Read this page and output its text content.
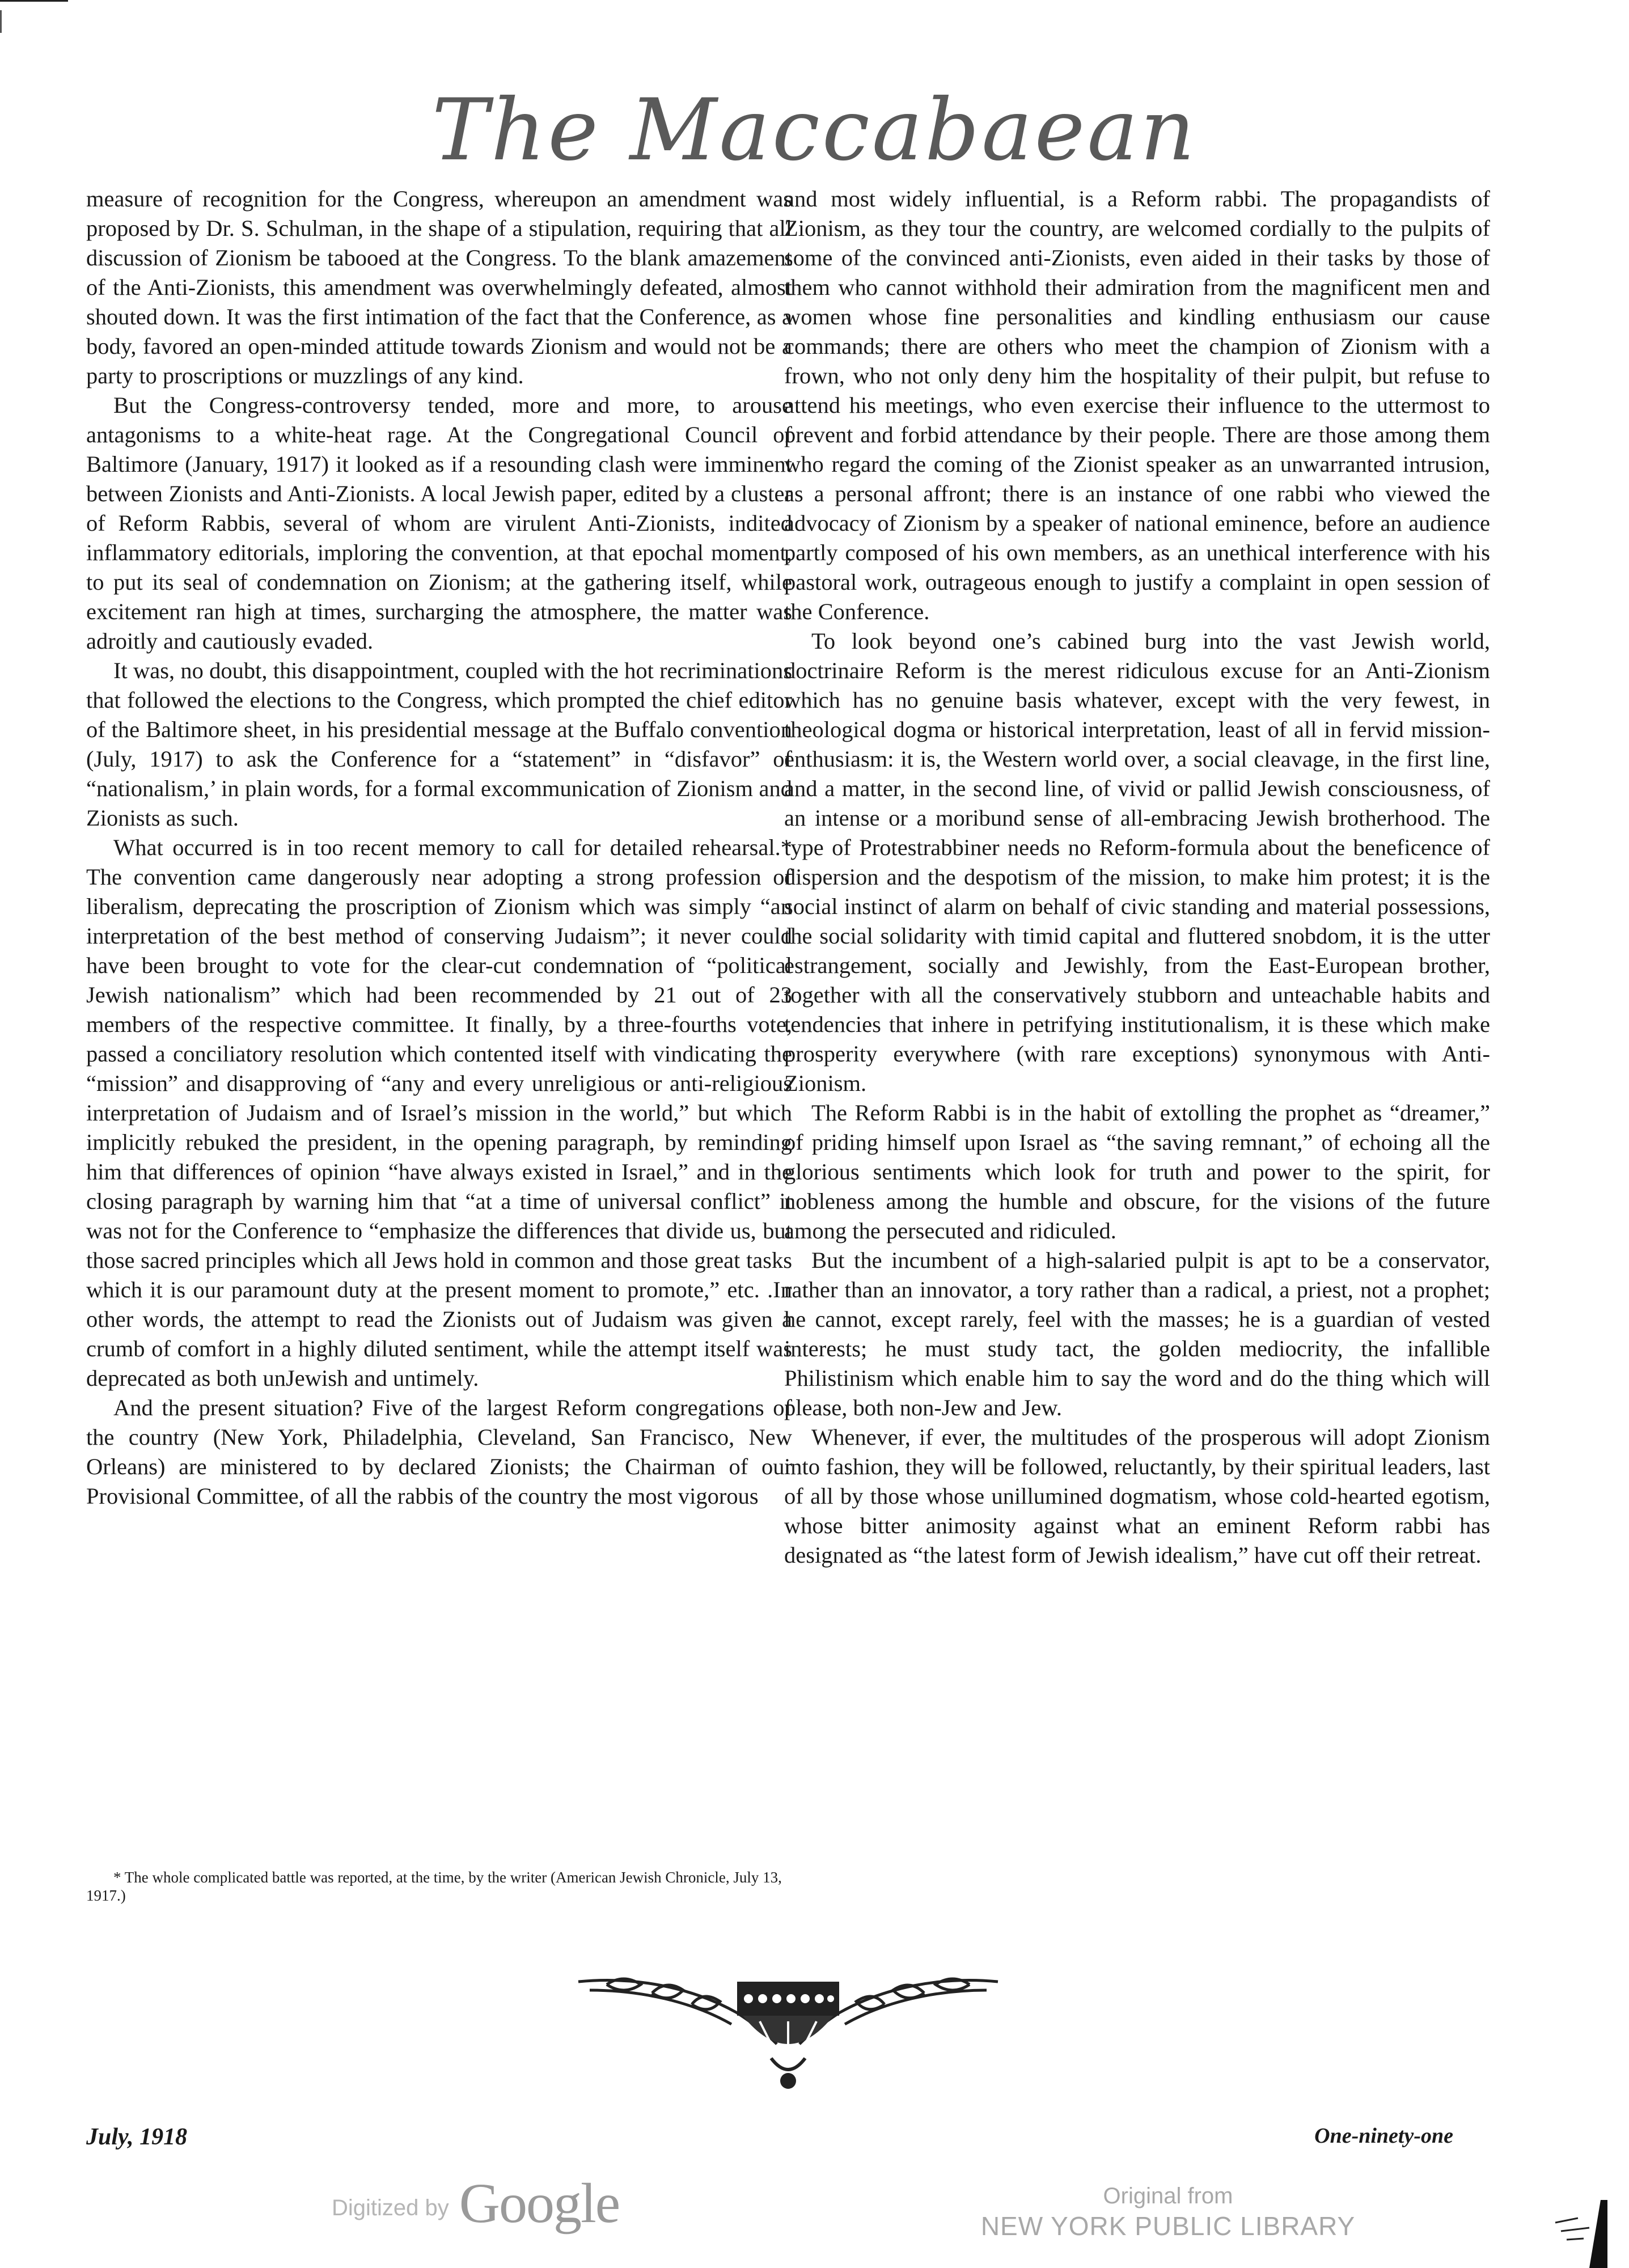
The Maccabaean

measure of recognition for the Congress, whereupon an amendment was proposed by Dr. S. Schulman, in the shape of a stipulation, requiring that all discussion of Zionism be tabooed at the Congress. To the blank amazement of the Anti-Zionists, this amendment was overwhelmingly defeated, almost shouted down. It was the first intimation of the fact that the Conference, as a body, favored an open-minded attitude towards Zionism and would not be a party to proscriptions or muzzlings of any kind.

But the Congress-controversy tended, more and more, to arouse antagonisms to a white-heat rage. At the Congregational Council of Baltimore (January, 1917) it looked as if a resounding clash were imminent between Zionists and Anti-Zionists. A local Jewish paper, edited by a cluster of Reform Rabbis, several of whom are virulent Anti-Zionists, indited inflammatory editorials, imploring the convention, at that epochal moment, to put its seal of condemnation on Zionism; at the gathering itself, while excitement ran high at times, surcharging the atmosphere, the matter was adroitly and cautiously evaded.

It was, no doubt, this disappointment, coupled with the hot recriminations that followed the elections to the Congress, which prompted the chief editor of the Baltimore sheet, in his presidential message at the Buffalo convention (July, 1917) to ask the Conference for a “statement” in “disfavor” of “nationalism,’ in plain words, for a formal excommunication of Zionism and Zionists as such.

What occurred is in too recent memory to call for detailed rehearsal.* The convention came dangerously near adopting a strong profession of liberalism, deprecating the proscription of Zionism which was simply “an interpretation of the best method of conserving Judaism”; it never could have been brought to vote for the clear-cut condemnation of “political Jewish nationalism” which had been recommended by 21 out of 23 members of the respective committee. It finally, by a three-fourths vote, passed a conciliatory resolution which contented itself with vindicating the “mission” and disapproving of “any and every unreligious or anti-religious interpretation of Judaism and of Israel’s mission in the world,” but which implicitly rebuked the president, in the opening paragraph, by reminding him that differences of opinion “have always existed in Israel,” and in the closing paragraph by warning him that “at a time of universal conflict” it was not for the Conference to “emphasize the differences that divide us, but those sacred principles which all Jews hold in common and those great tasks which it is our paramount duty at the present moment to promote,” etc. .In other words, the attempt to read the Zionists out of Judaism was given a crumb of comfort in a highly diluted sentiment, while the attempt itself was deprecated as both unJewish and untimely.

And the present situation? Five of the largest Reform congregations of the country (New York, Philadelphia, Cleveland, San Francisco, New Orleans) are ministered to by declared Zionists; the Chairman of our Provisional Committee, of all the rabbis of the country the most vigorous

* The whole complicated battle was reported, at the time, by the writer (American Jewish Chronicle, July 13, 1917.)

and most widely influential, is a Reform rabbi. The propagandists of Zionism, as they tour the country, are welcomed cordially to the pulpits of some of the convinced anti-Zionists, even aided in their tasks by those of them who cannot withhold their admiration from the magnificent men and women whose fine personalities and kindling enthusiasm our cause commands; there are others who meet the champion of Zionism with a frown, who not only deny him the hospitality of their pulpit, but refuse to attend his meetings, who even exercise their influence to the uttermost to prevent and forbid attendance by their people. There are those among them who regard the coming of the Zionist speaker as an unwarranted intrusion, as a personal affront; there is an instance of one rabbi who viewed the advocacy of Zionism by a speaker of national eminence, before an audience partly composed of his own members, as an unethical interference with his pastoral work, outrageous enough to justify a complaint in open session of the Conference.

To look beyond one’s cabined burg into the vast Jewish world, doctrinaire Reform is the merest ridiculous excuse for an Anti-Zionism which has no genuine basis whatever, except with the very fewest, in theological dogma or historical interpretation, least of all in fervid mission-enthusiasm: it is, the Western world over, a social cleavage, in the first line, and a matter, in the second line, of vivid or pallid Jewish consciousness, of an intense or a moribund sense of all-embracing Jewish brotherhood. The type of Protestrabbiner needs no Reform-formula about the beneficence of dispersion and the despotism of the mission, to make him protest; it is the social instinct of alarm on behalf of civic standing and material possessions, the social solidarity with timid capital and fluttered snobdom, it is the utter estrangement, socially and Jewishly, from the East-European brother, together with all the conservatively stubborn and unteachable habits and tendencies that inhere in petrifying institutionalism, it is these which make prosperity everywhere (with rare exceptions) synonymous with Anti-Zionism.

The Reform Rabbi is in the habit of extolling the prophet as “dreamer,” of priding himself upon Israel as “the saving remnant,” of echoing all the glorious sentiments which look for truth and power to the spirit, for nobleness among the humble and obscure, for the visions of the future among the persecuted and ridiculed.

But the incumbent of a high-salaried pulpit is apt to be a conservator, rather than an innovator, a tory rather than a radical, a priest, not a prophet; he cannot, except rarely, feel with the masses; he is a guardian of vested interests; he must study tact, the golden mediocrity, the infallible Philistinism which enable him to say the word and do the thing which will please, both non-Jew and Jew.

Whenever, if ever, the multitudes of the prosperous will adopt Zionism into fashion, they will be followed, reluctantly, by their spiritual leaders, last of all by those whose unillumined dogmatism, whose cold-hearted egotism, whose bitter animosity against what an eminent Reform rabbi has designated as “the latest form of Jewish idealism,” have cut off their retreat.

July, 1918	One-ninety-one
Digitized by Google	Original from
NEW YORK PUBLIC LIBRARY
